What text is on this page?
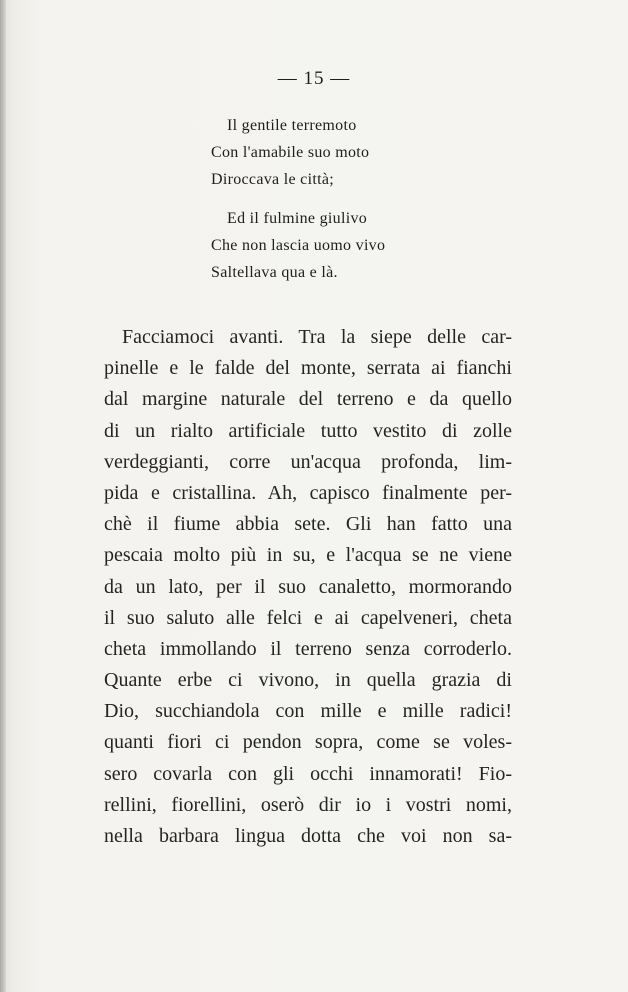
— 15 —
Il gentile terremoto
Con l'amabile suo moto
Diroccava le città;
Ed il fulmine giulivo
Che non lascia uomo vivo
Saltellava qua e là.
Facciamoci avanti. Tra la siepe delle car-
pinelle e le falde del monte, serrata ai fianchi
dal margine naturale del terreno e da quello
di un rialto artificiale tutto vestito di zolle
verdeggianti, corre un'acqua profonda, lim-
pida e cristallina. Ah, capisco finalmente per-
chè il fiume abbia sete. Gli han fatto una
pescaia molto più in su, e l'acqua se ne viene
da un lato, per il suo canaletto, mormorando
il suo saluto alle felci e ai capelveneri, cheta
cheta immollando il terreno senza corroderlo.
Quante erbe ci vivono, in quella grazia di
Dio, succhiandola con mille e mille radici!
quanti fiori ci pendon sopra, come se voles-
sero covarla con gli occhi innamorati! Fio-
rellini, fiorellini, oserò dir io i vostri nomi,
nella barbara lingua dotta che voi non sa-
